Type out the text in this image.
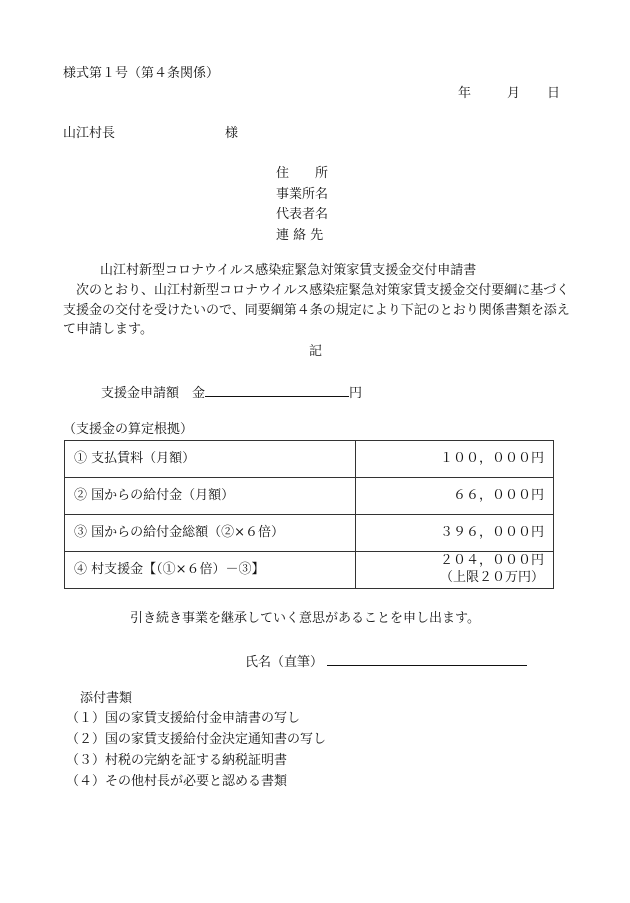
様式第１号（第４条関係）
年	月 日
山江村長	様
住　　所
事業所名
代表者名
連 絡 先
山江村新型コロナウイルス感染症緊急対策家賃支援金交付申請書
　次のとおり、山江村新型コロナウイルス感染症緊急対策家賃支援金交付要綱に基づく支援金の交付を受けたいので、同要綱第４条の規定により下記のとおり関係書類を添えて申請します。
記
支援金申請額　金	円
（支援金の算定根拠）
① 支払賃料（月額）	１００，０００円
② 国からの給付金（月額）	６６，０００円
③ 国からの給付金総額（②×６倍）	３９６，０００円
④ 村支援金【（①×６倍）－③】	２０４，０００円
（上限２０万円）
引き続き事業を継承していく意思があることを申し出ます。
氏名（直筆）
添付書類
（１）国の家賃支援給付金申請書の写し
（２）国の家賃支援給付金決定通知書の写し
（３）村税の完納を証する納税証明書
（４）その他村長が必要と認める書類
